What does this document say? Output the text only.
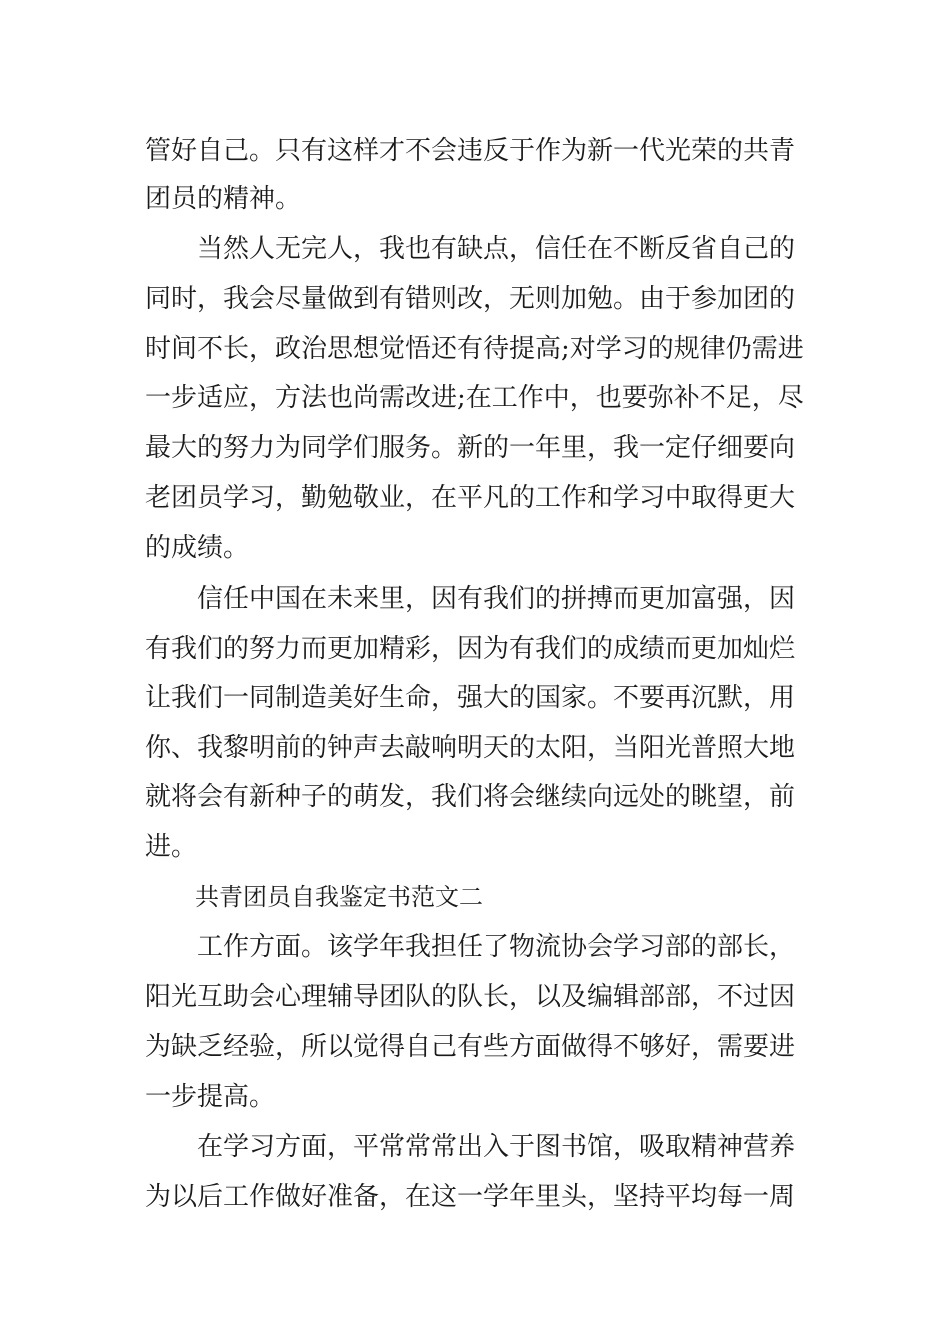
管好自己。只有这样才不会违反于作为新一代光荣的共青
团员的精神。
当然人无完人，我也有缺点，信任在不断反省自己的
同时，我会尽量做到有错则改，无则加勉。由于参加团的
时间不长，政治思想觉悟还有待提高;对学习的规律仍需进
一步适应，方法也尚需改进;在工作中，也要弥补不足，尽
最大的努力为同学们服务。新的一年里，我一定仔细要向
老团员学习，勤勉敬业，在平凡的工作和学习中取得更大
的成绩。
信任中国在未来里，因有我们的拼搏而更加富强，因
有我们的努力而更加精彩，因为有我们的成绩而更加灿烂
让我们一同制造美好生命，强大的国家。不要再沉默，用
你、我黎明前的钟声去敲响明天的太阳，当阳光普照大地
就将会有新种子的萌发，我们将会继续向远处的眺望，前
进。
共青团员自我鉴定书范文二
工作方面。该学年我担任了物流协会学习部的部长，
阳光互助会心理辅导团队的队长，以及编辑部部，不过因
为缺乏经验，所以觉得自己有些方面做得不够好，需要进
一步提高。
在学习方面，平常常常出入于图书馆，吸取精神营养
为以后工作做好准备，在这一学年里头，坚持平均每一周
